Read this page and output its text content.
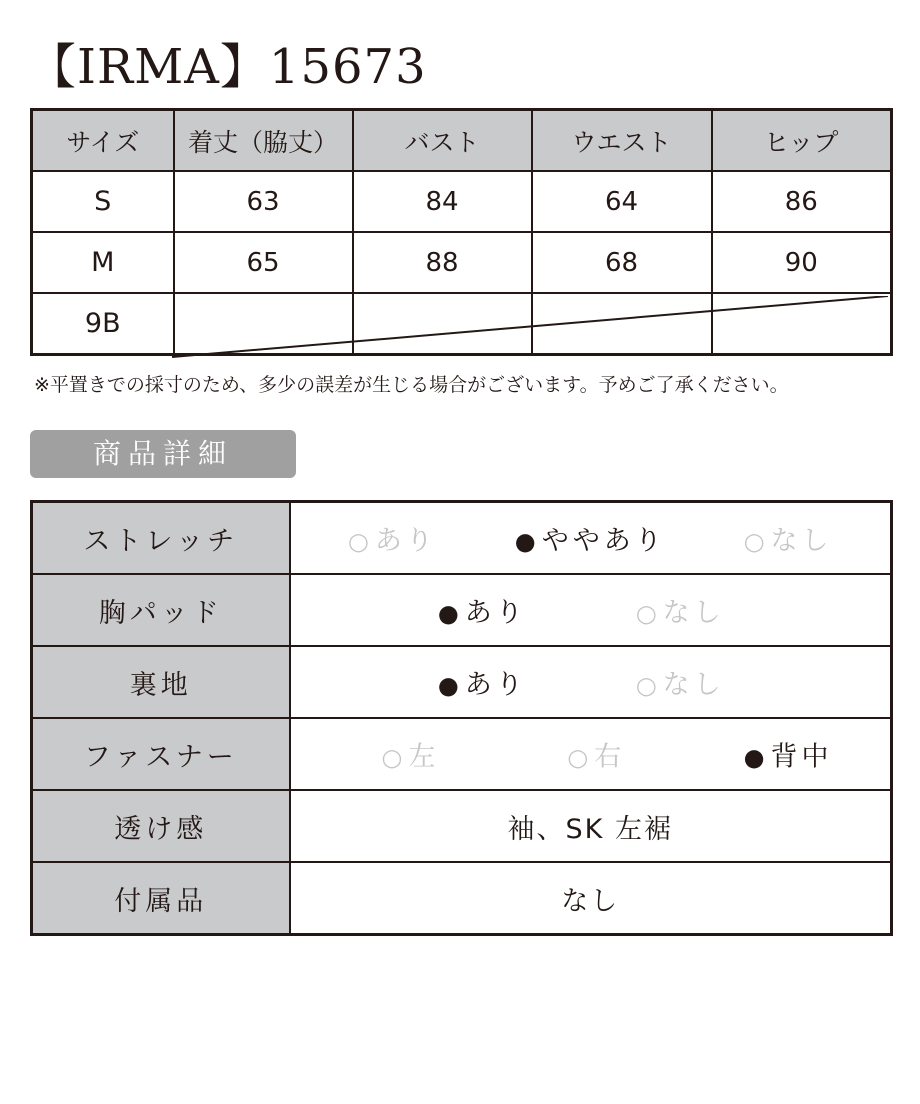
【IRMA】15673
サイズ	着丈（脇丈）	バスト	ウエスト	ヒップ
S	63	84	64	86
M	65	88	68	90
9B				

※平置きでの採寸のため、多少の誤差が生じる場合がございます。予めご了承ください。

商品詳細
ストレッチ	○あり ●ややあり ○なし

胸パッド	●あり ○なし

裏地	●あり ○なし

ファスナー	○左 ○右 ●背中

透け感	袖、SK 左裾
付属品	なし
